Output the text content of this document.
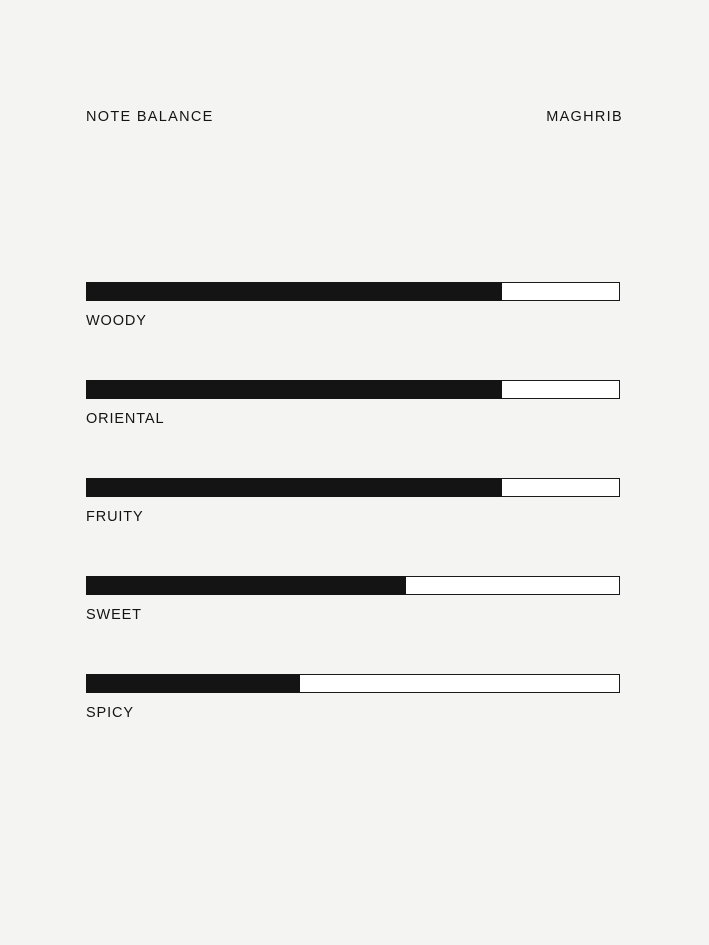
NOTE BALANCE	MAGHRIB
WOODY
ORIENTAL
FRUITY
SWEET
SPICY
